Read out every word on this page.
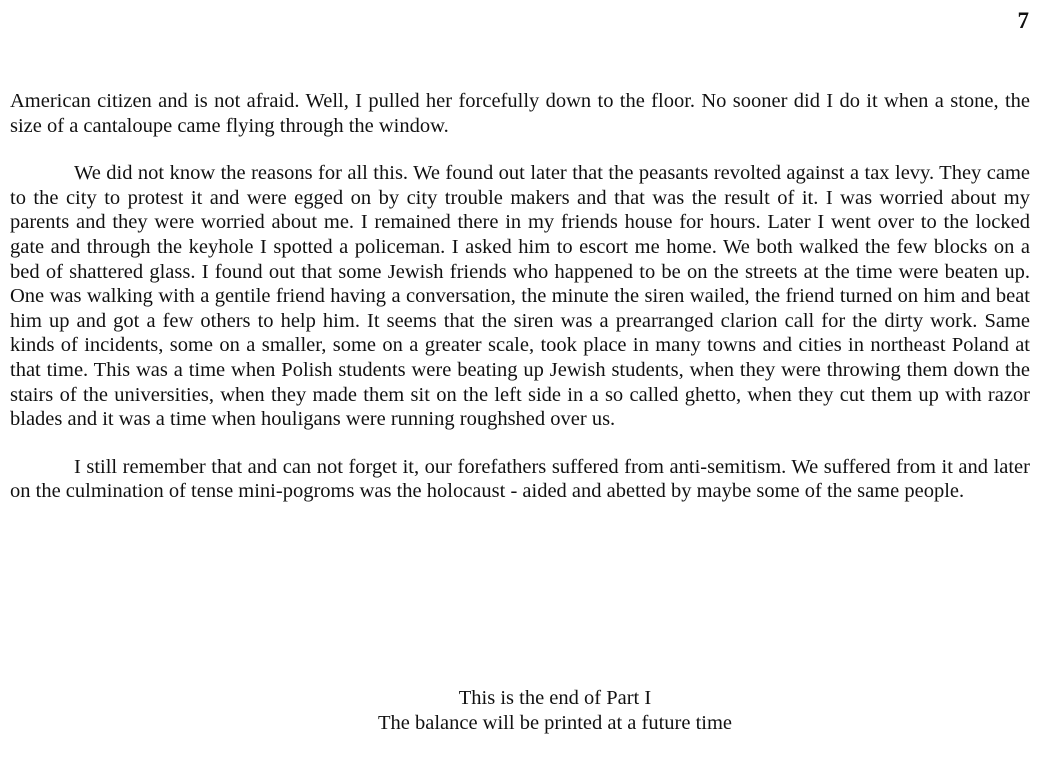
7

American citizen and is not afraid. Well, I pulled her forcefully down to the floor. No sooner did I do it when a stone, the size of a cantaloupe came flying through the window.

We did not know the reasons for all this. We found out later that the peasants revolted against a tax levy. They came to the city to protest it and were egged on by city trouble makers and that was the result of it. I was worried about my parents and they were worried about me. I remained there in my friends house for hours. Later I went over to the locked gate and through the keyhole I spotted a policeman. I asked him to escort me home. We both walked the few blocks on a bed of shattered glass. I found out that some Jewish friends who happened to be on the streets at the time were beaten up. One was walking with a gentile friend having a conversation, the minute the siren wailed, the friend turned on him and beat him up and got a few others to help him. It seems that the siren was a prearranged clarion call for the dirty work. Same kinds of incidents, some on a smaller, some on a greater scale, took place in many towns and cities in northeast Poland at that time. This was a time when Polish students were beating up Jewish students, when they were throwing them down the stairs of the universities, when they made them sit on the left side in a so called ghetto, when they cut them up with razor blades and it was a time when houligans were running roughshed over us.

I still remember that and can not forget it, our forefathers suffered from anti-semitism. We suffered from it and later on the culmination of tense mini-pogroms was the holocaust - aided and abetted by maybe some of the same people.

This is the end of Part I
The balance will be printed at a future time
